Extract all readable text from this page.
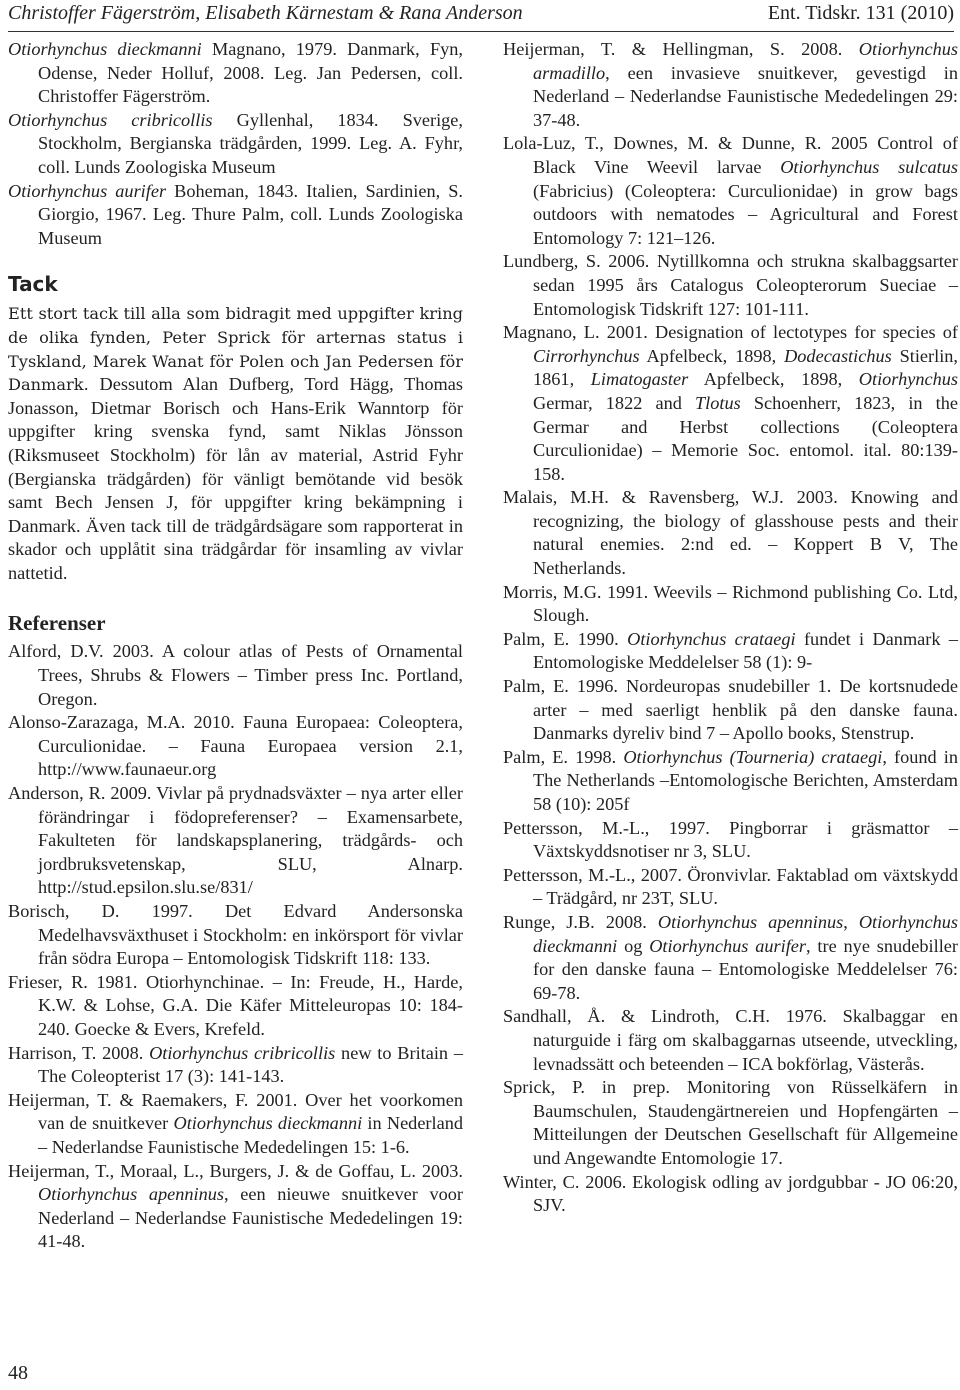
Christoffer Fägerström, Elisabeth Kärnestam & Rana Anderson	Ent. Tidskr. 131 (2010)

Otiorhynchus dieckmanni Magnano, 1979. Danmark, Fyn, Odense, Neder Holluf, 2008. Leg. Jan Pedersen, coll. Christoffer Fägerström.

Otiorhynchus cribricollis Gyllenhal, 1834. Sverige, Stockholm, Bergianska trädgården, 1999. Leg. A. Fyhr, coll. Lunds Zoologiska Museum

Otiorhynchus aurifer Boheman, 1843. Italien, Sardinien, S. Giorgio, 1967. Leg. Thure Palm, coll. Lunds Zoologiska Museum

Tack

Ett stort tack till alla som bidragit med uppgifter kring de olika fynden, Peter Sprick för arternas status i Tyskland, Marek Wanat för Polen och Jan Pedersen för Danmark. Dessutom Alan Dufberg, Tord Hägg, Thomas Jonasson, Dietmar Borisch och Hans-Erik Wanntorp för uppgifter kring svenska fynd, samt Niklas Jönsson (Riksmuseet Stockholm) för lån av material, Astrid Fyhr (Bergianska trädgården) för vänligt bemötande vid besök samt Bech Jensen J, för uppgifter kring bekämpning i Danmark. Även tack till de trädgårdsägare som rapporterat in skador och upplåtit sina trädgårdar för insamling av vivlar nattetid.

Referenser

Alford, D.V. 2003. A colour atlas of Pests of Ornamental Trees, Shrubs & Flowers – Timber press Inc. Portland, Oregon.

Alonso-Zarazaga, M.A. 2010. Fauna Europaea: Coleoptera, Curculionidae. – Fauna Europaea version 2.1, http://www.faunaeur.org

Anderson, R. 2009. Vivlar på prydnadsväxter – nya arter eller förändringar i födopreferenser? – Examensarbete, Fakulteten för landskapsplanering, trädgårds- och jordbruksvetenskap, SLU, Alnarp. http://stud.epsilon.slu.se/831/

Borisch, D. 1997. Det Edvard Andersonska Medelhavsväxthuset i Stockholm: en inkörsport för vivlar från södra Europa – Entomologisk Tidskrift 118: 133.

Frieser, R. 1981. Otiorhynchinae. – In: Freude, H., Harde, K.W. & Lohse, G.A. Die Käfer Mitteleuropas 10: 184-240. Goecke & Evers, Krefeld.

Harrison, T. 2008. Otiorhynchus cribricollis new to Britain – The Coleopterist 17 (3): 141-143.

Heijerman, T. & Raemakers, F. 2001. Over het voorkomen van de snuitkever Otiorhynchus dieckmanni in Nederland – Nederlandse Faunistische Mededelingen 15: 1-6.

Heijerman, T., Moraal, L., Burgers, J. & de Goffau, L. 2003. Otiorhynchus apenninus, een nieuwe snuitkever voor Nederland – Nederlandse Faunistische Mededelingen 19: 41-48.

Heijerman, T. & Hellingman, S. 2008. Otiorhynchus armadillo, een invasieve snuitkever, gevestigd in Nederland – Nederlandse Faunistische Mededelingen 29: 37-48.

Lola-Luz, T., Downes, M. & Dunne, R. 2005 Control of Black Vine Weevil larvae Otiorhynchus sulcatus (Fabricius) (Coleoptera: Curculionidae) in grow bags outdoors with nematodes – Agricultural and Forest Entomology 7: 121–126.

Lundberg, S. 2006. Nytillkomna och strukna skalbaggsarter sedan 1995 års Catalogus Coleopterorum Sueciae – Entomologisk Tidskrift 127: 101-111.

Magnano, L. 2001. Designation of lectotypes for species of Cirrorhynchus Apfelbeck, 1898, Dodecastichus Stierlin, 1861, Limatogaster Apfelbeck, 1898, Otiorhynchus Germar, 1822 and Tlotus Schoenherr, 1823, in the Germar and Herbst collections (Coleoptera Curculionidae) – Memorie Soc. entomol. ital. 80:139-158.

Malais, M.H. & Ravensberg, W.J. 2003. Knowing and recognizing, the biology of glasshouse pests and their natural enemies. 2:nd ed. – Koppert B V, The Netherlands.

Morris, M.G. 1991. Weevils – Richmond publishing Co. Ltd, Slough.

Palm, E. 1990. Otiorhynchus crataegi fundet i Danmark – Entomologiske Meddelelser 58 (1): 9-

Palm, E. 1996. Nordeuropas snudebiller 1. De kortsnudede arter – med saerligt henblik på den danske fauna. Danmarks dyreliv bind 7 – Apollo books, Stenstrup.

Palm, E. 1998. Otiorhynchus (Tourneria) crataegi, found in The Netherlands –Entomologische Berichten, Amsterdam 58 (10): 205f

Pettersson, M.-L., 1997. Pingborrar i gräsmattor – Växtskyddsnotiser nr 3, SLU.

Pettersson, M.-L., 2007. Öronvivlar. Faktablad om växtskydd – Trädgård, nr 23T, SLU.

Runge, J.B. 2008. Otiorhynchus apenninus, Otiorhynchus dieckmanni og Otiorhynchus aurifer, tre nye snudebiller for den danske fauna – Entomologiske Meddelelser 76: 69-78.

Sandhall, Å. & Lindroth, C.H. 1976. Skalbaggar en naturguide i färg om skalbaggarnas utseende, utveckling, levnadssätt och beteenden – ICA bokförlag, Västerås.

Sprick, P. in prep. Monitoring von Rüsselkäfern in Baumschulen, Staudengärtnereien und Hopfengärten – Mitteilungen der Deutschen Gesellschaft für Allgemeine und Angewandte Entomologie 17.

Winter, C. 2006. Ekologisk odling av jordgubbar - JO 06:20, SJV.

48
